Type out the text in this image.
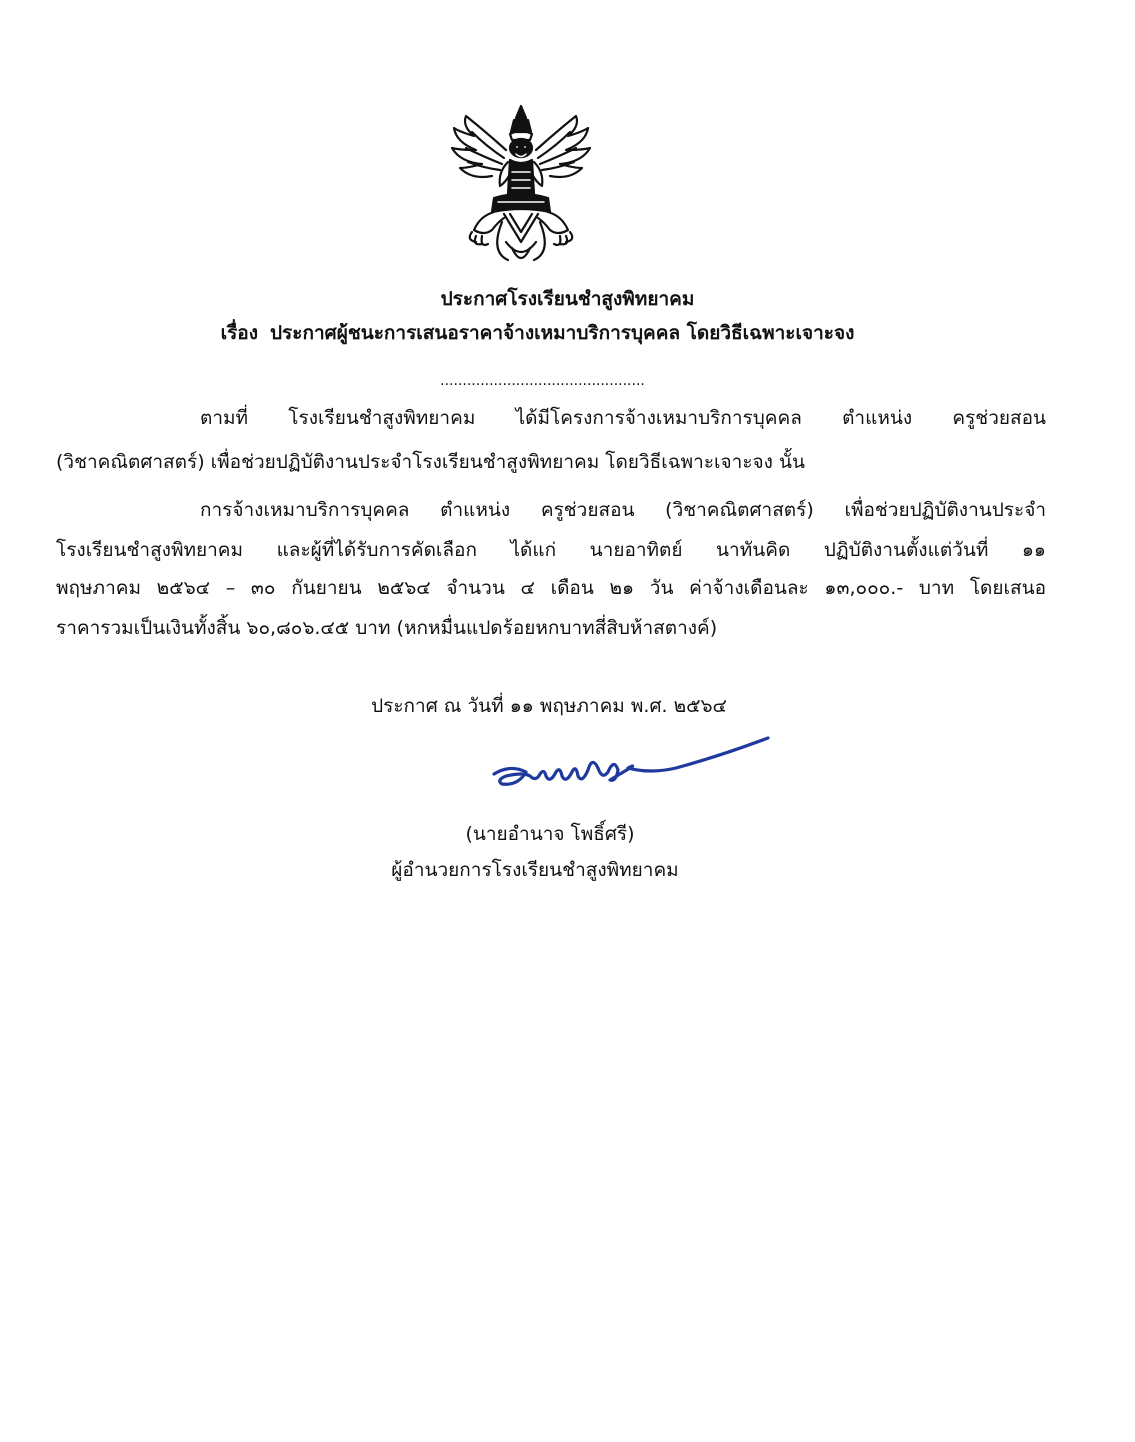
ประกาศโรงเรียนชำสูงพิทยาคม
เรื่อง ประกาศผู้ชนะการเสนอราคาจ้างเหมาบริการบุคคล โดยวิธีเฉพาะเจาะจง
..............................................
ตามที่ โรงเรียนชำสูงพิทยาคม ได้มีโครงการจ้างเหมาบริการบุคคล ตำแหน่ง ครูช่วยสอน
(วิชาคณิตศาสตร์) เพื่อช่วยปฏิบัติงานประจำโรงเรียนชำสูงพิทยาคม โดยวิธีเฉพาะเจาะจง นั้น
การจ้างเหมาบริการบุคคล ตำแหน่ง ครูช่วยสอน (วิชาคณิตศาสตร์) เพื่อช่วยปฏิบัติงานประจำ
โรงเรียนชำสูงพิทยาคม และผู้ที่ได้รับการคัดเลือก ได้แก่ นายอาทิตย์ นาทันคิด ปฏิบัติงานตั้งแต่วันที่ ๑๑
พฤษภาคม ๒๕๖๔ – ๓๐ กันยายน ๒๕๖๔ จำนวน ๔ เดือน ๒๑ วัน ค่าจ้างเดือนละ ๑๓,๐๐๐.- บาท โดยเสนอ
ราคารวมเป็นเงินทั้งสิ้น ๖๐,๘๐๖.๔๕ บาท (หกหมื่นแปดร้อยหกบาทสี่สิบห้าสตางค์)
ประกาศ ณ วันที่ ๑๑ พฤษภาคม พ.ศ. ๒๕๖๔
(นายอำนาจ โพธิ์ศรี)
ผู้อำนวยการโรงเรียนชำสูงพิทยาคม
